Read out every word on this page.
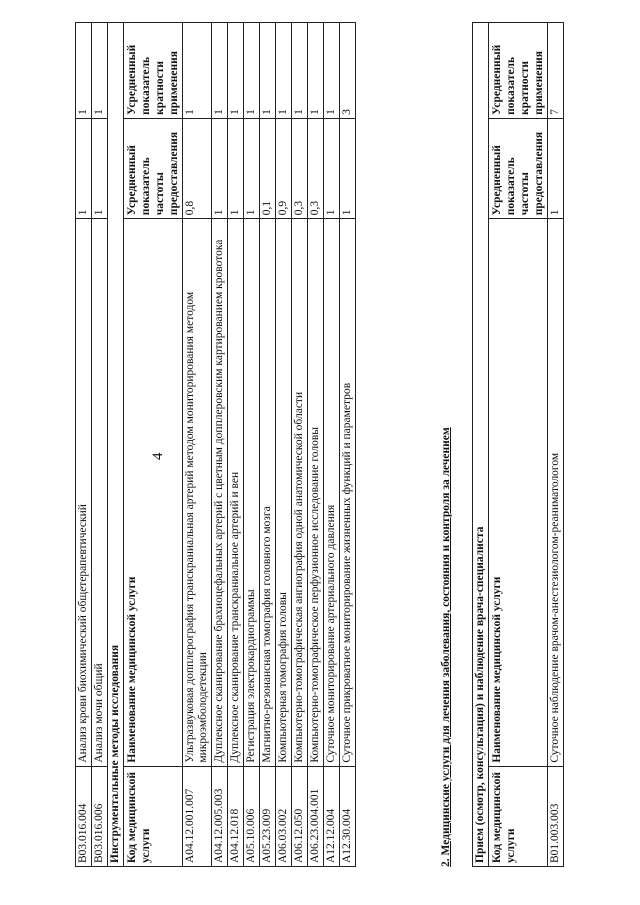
4
B03.016.004	Анализ крови биохимический общетерапевтический	1	1
B03.016.006	Анализ мочи общий	1	1
Инструментальные методы исследования			
Код медицинской услуги	Наименование медицинской услуги	Усредненный показатель частоты предоставления	Усредненный показатель кратности применения
A04.12.001.007	Ультразвуковая допплерография транскраниальная артерий методом мониторирования методом микроэмболодетекции	0,8	1
A04.12.005.003	Дуплексное сканирование брахиоцефальных артерий с цветным допплеровским картированием кровотока	1	1
A04.12.018	Дуплексное сканирование транскраниальное артерий и вен	1	1
A05.10.006	Регистрация электрокардиограммы	1	1
A05.23.009	Магнитно-резонансная томография головного мозга	0,1	1
A06.03.002	Компьютерная томография головы	0,9	1
A06.12.050	Компьютерно-томографическая ангиография одной анатомической области	0,3	1
A06.23.004.001	Компьютерно-томографическое перфузионное исследование головы	0,3	1
A12.12.004	Суточное мониторирование артериального давления	1	1
A12.30.004	Суточное прикроватное мониторирование жизненных функций и параметров	1	3
2. Медицинские услуги для лечения заболевания, состояния и контроля за лечением Прием (осмотр, консультация) и наблюдение врача-специалиста			
Код медицинской услуги	Наименование медицинской услуги	Усредненный показатель частоты предоставления	Усредненный показатель кратности применения
B01.003.003	Суточное наблюдение врачом-анестезиологом-реаниматологом	1	7
